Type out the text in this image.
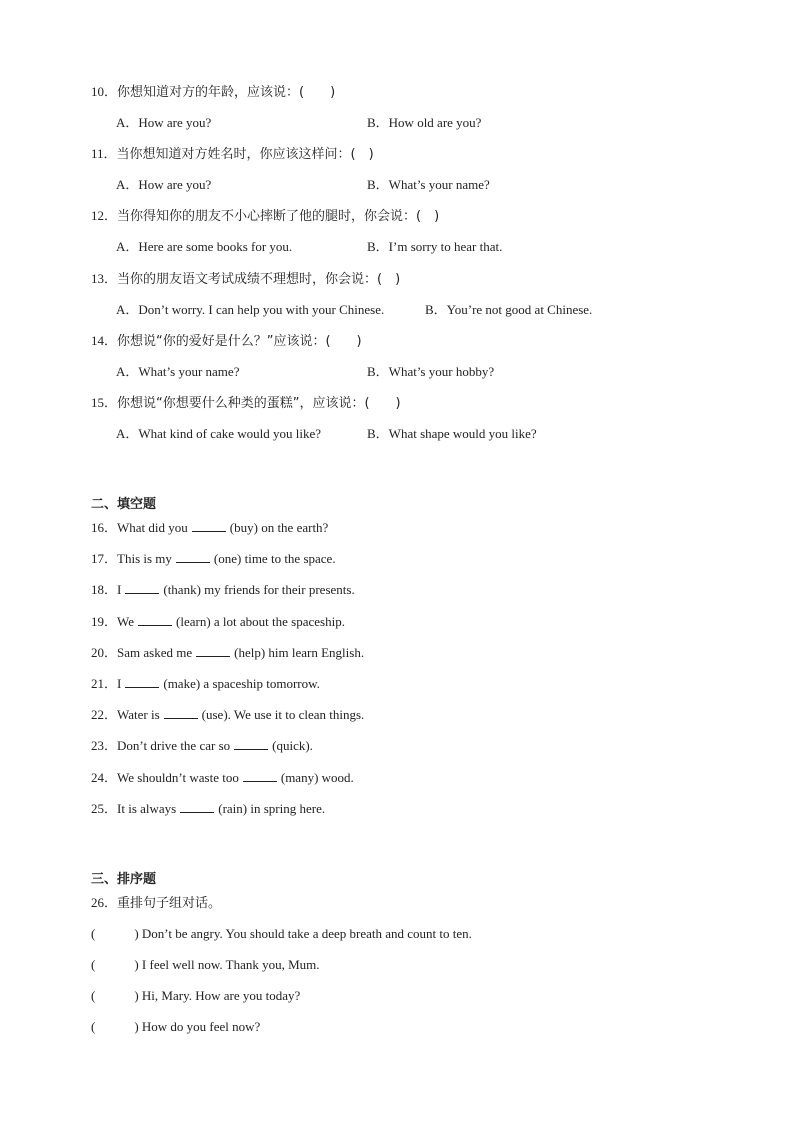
10．你想知道对方的年龄，应该说：(　　)
A．How are you?	B．How old are you?
11．当你想知道对方姓名时，你应该这样问：(　)
A．How are you?	B．What’s your name?
12．当你得知你的朋友不小心摔断了他的腿时，你会说：(　)
A．Here are some books for you.	B．I’m sorry to hear that.
13．当你的朋友语文考试成绩不理想时，你会说：(　)
A．Don’t worry. I can help you with your Chinese.	B．You’re not good at Chinese.
14．你想说“你的爱好是什么？”应该说：(　　)
A．What’s your name?	B．What’s your hobby?
15．你想说“你想要什么种类的蛋糕”，应该说：(　　)
A．What kind of cake would you like?	B．What shape would you like?
二、填空题
16．What did you	(buy) on the earth?
17．This is my	(one) time to the space.
18．I	(thank) my friends for their presents.
19．We	(learn) a lot about the spaceship.
20．Sam asked me	(help) him learn English.
21．I	(make) a spaceship tomorrow.
22．Water is	(use). We use it to clean things.
23．Don’t drive the car so	(quick).
24．We shouldn’t waste too	(many) wood.
25．It is always	(rain) in spring here.
三、排序题
26．重排句子组对话。
(　　　) Don’t be angry. You should take a deep breath and count to ten.
(　　　) I feel well now. Thank you, Mum.
(　　　) Hi, Mary. How are you today?
(　　　) How do you feel now?
